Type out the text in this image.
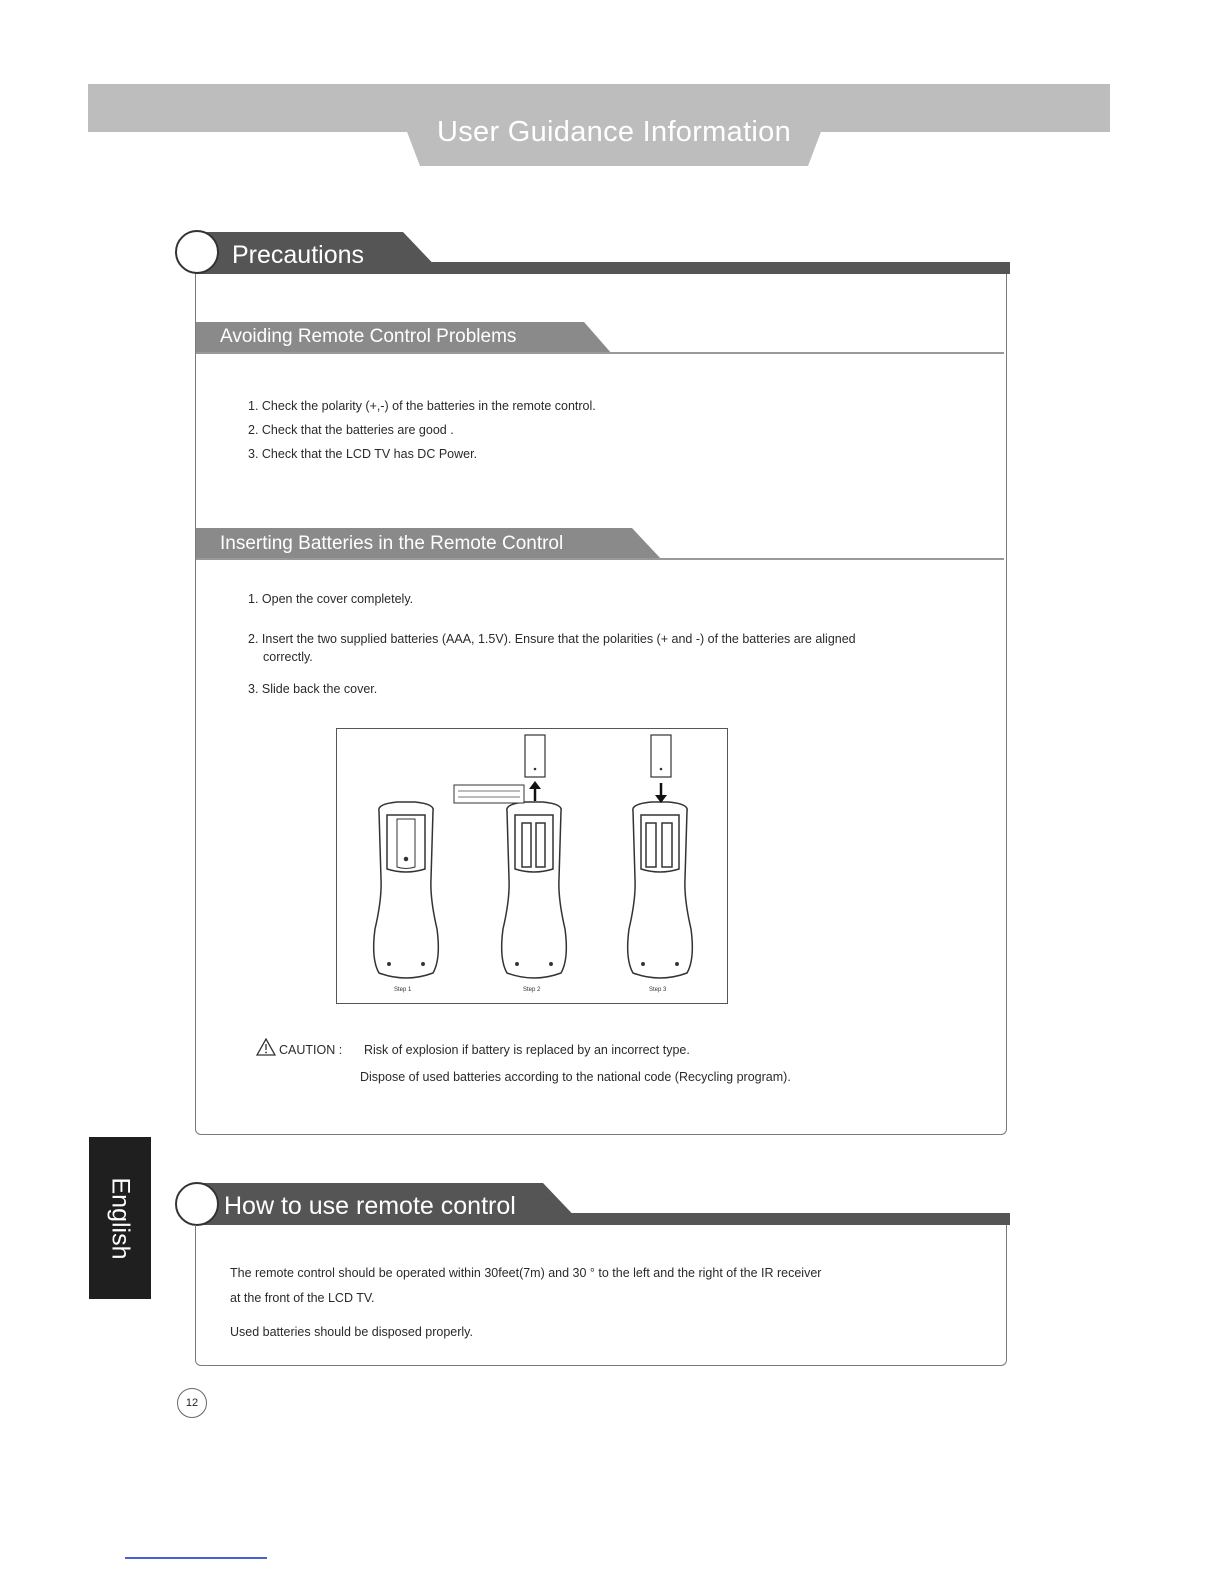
User Guidance Information
Precautions
Avoiding Remote Control Problems
1. Check the polarity (+,-) of the batteries in the remote control.
2. Check that the batteries are good .
3. Check that the LCD TV has DC Power.
Inserting Batteries in the Remote Control
1. Open the cover completely.
2. Insert the two supplied batteries (AAA, 1.5V). Ensure that the polarities (+ and -) of the batteries are aligned
correctly.
3. Slide back the cover.
Step 1	Step 2	Step 3
CAUTION : Risk of explosion if battery is replaced by an incorrect type.
Dispose of used batteries according to the national code (Recycling program).
How to use remote control
The remote control should be operated within 30feet(7m) and 30 ° to the left and the right of the IR receiver
at the front of the LCD TV.
Used batteries should be disposed properly.
English
12
